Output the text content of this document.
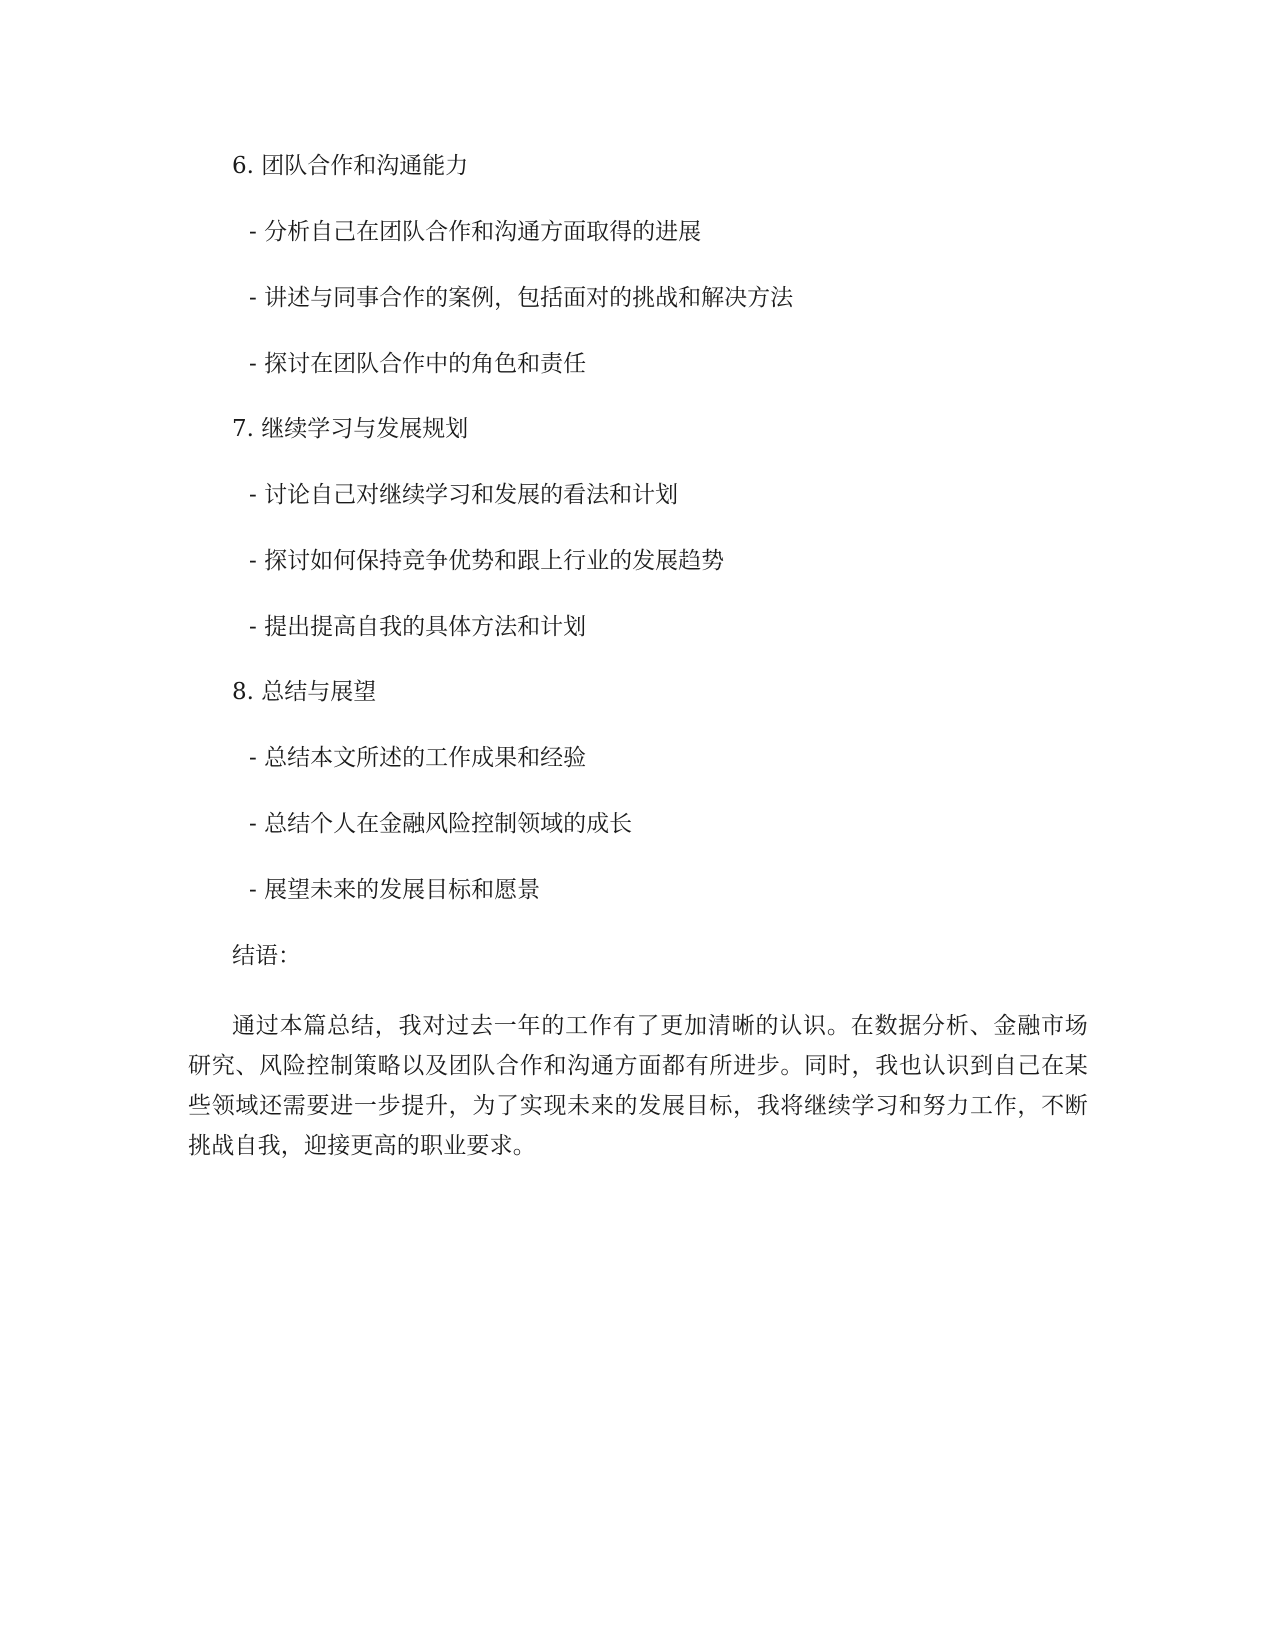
6. 团队合作和沟通能力

- 分析自己在团队合作和沟通方面取得的进展

- 讲述与同事合作的案例，包括面对的挑战和解决方法

- 探讨在团队合作中的角色和责任

7. 继续学习与发展规划

- 讨论自己对继续学习和发展的看法和计划

- 探讨如何保持竞争优势和跟上行业的发展趋势

- 提出提高自我的具体方法和计划

8. 总结与展望

- 总结本文所述的工作成果和经验

- 总结个人在金融风险控制领域的成长

- 展望未来的发展目标和愿景

结语：

通过本篇总结，我对过去一年的工作有了更加清晰的认识。在数据分析、金融市场研究、风险控制策略以及团队合作和沟通方面都有所进步。同时，我也认识到自己在某些领域还需要进一步提升，为了实现未来的发展目标，我将继续学习和努力工作，不断挑战自我，迎接更高的职业要求。
